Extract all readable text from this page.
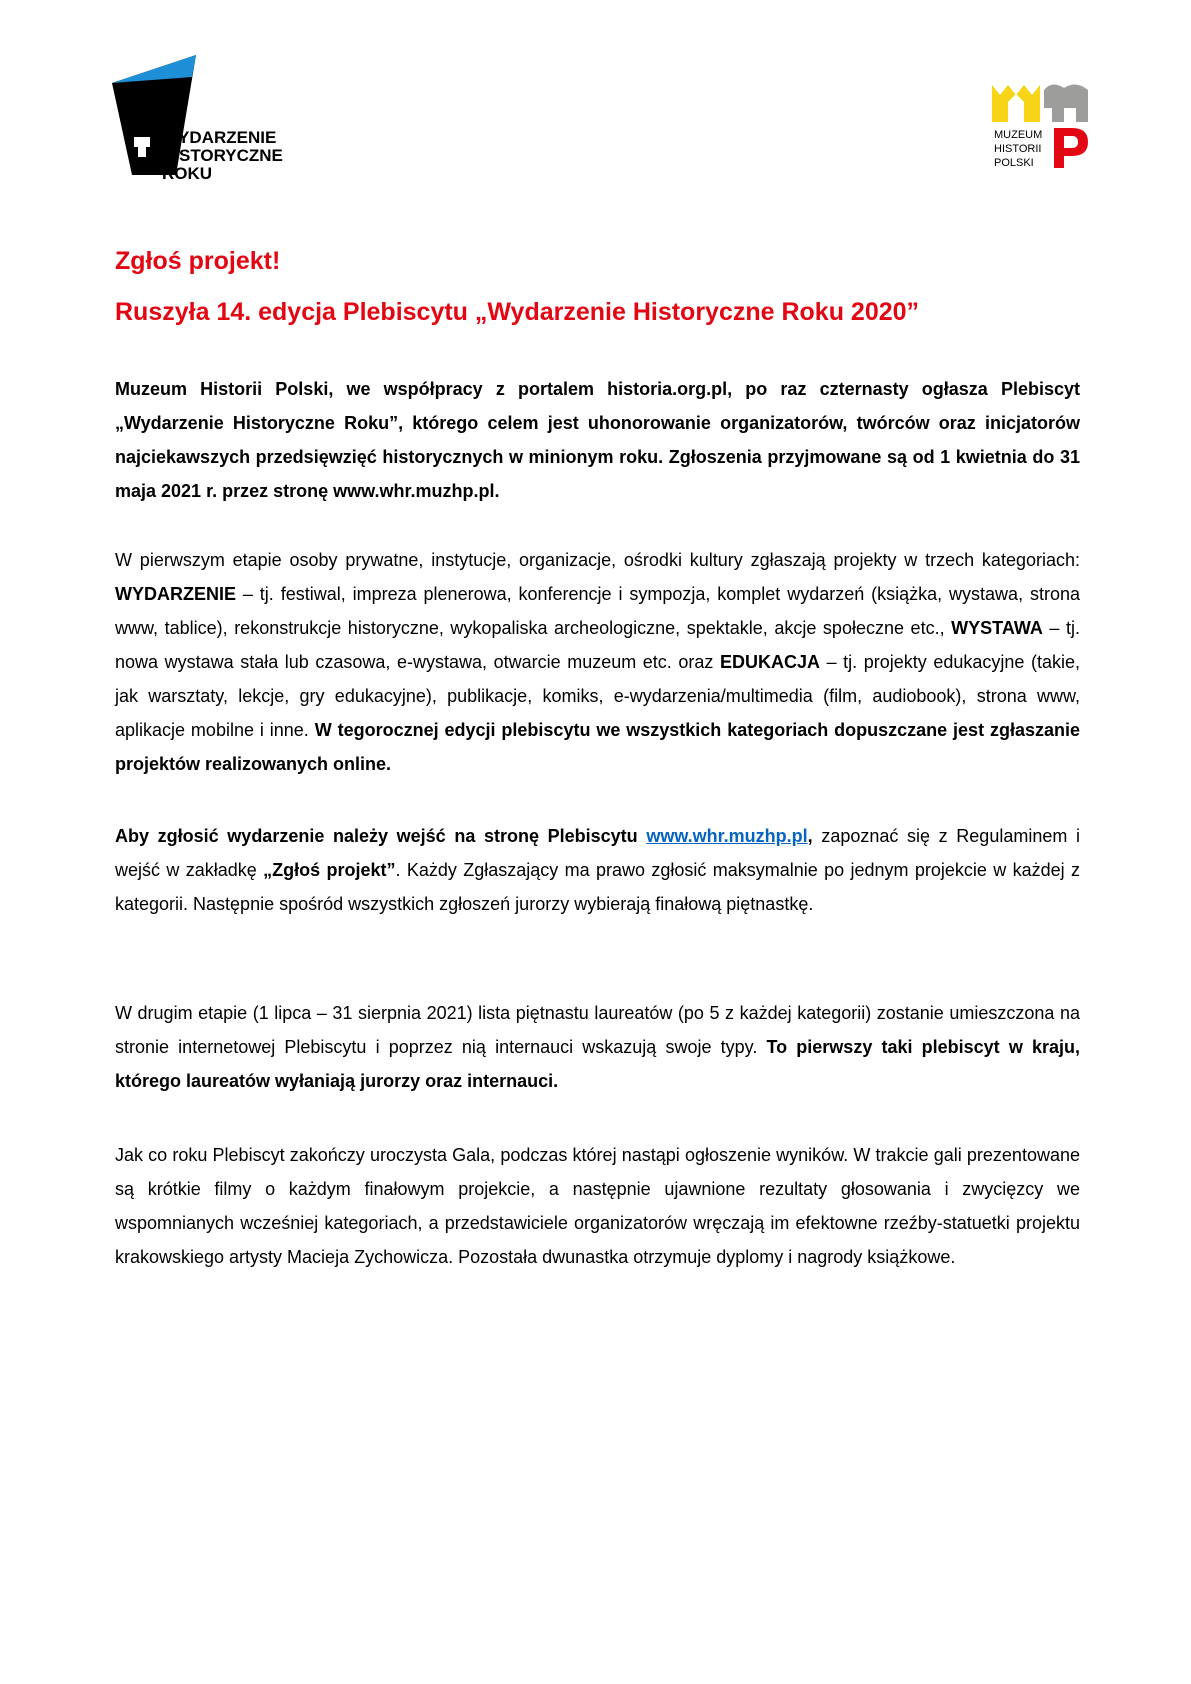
WYDARZENIE
HISTORYCZNE
ROKU
MUZEUM
HISTORII
POLSKI
Zgłoś projekt!
Ruszyła 14. edycja Plebiscytu „Wydarzenie Historyczne Roku 2020”

Muzeum Historii Polski, we współpracy z portalem historia.org.pl, po raz czternasty ogłasza Plebiscyt „Wydarzenie Historyczne Roku”, którego celem jest uhonorowanie organizatorów, twórców oraz inicjatorów najciekawszych przedsięwzięć historycznych w minionym roku. Zgłoszenia przyjmowane są od 1 kwietnia do 31 maja 2021 r. przez stronę www.whr.muzhp.pl.

W pierwszym etapie osoby prywatne, instytucje, organizacje, ośrodki kultury zgłaszają projekty w trzech kategoriach: WYDARZENIE – tj. festiwal, impreza plenerowa, konferencje i sympozja, komplet wydarzeń (książka, wystawa, strona www, tablice), rekonstrukcje historyczne, wykopaliska archeologiczne, spektakle, akcje społeczne etc., WYSTAWA – tj. nowa wystawa stała lub czasowa, e-wystawa, otwarcie muzeum etc. oraz EDUKACJA – tj. projekty edukacyjne (takie, jak warsztaty, lekcje, gry edukacyjne), publikacje, komiks, e-wydarzenia/multimedia (film, audiobook), strona www, aplikacje mobilne i inne. W tegorocznej edycji plebiscytu we wszystkich kategoriach dopuszczane jest zgłaszanie projektów realizowanych online.

Aby zgłosić wydarzenie należy wejść na stronę Plebiscytu www.whr.muzhp.pl, zapoznać się z Regulaminem i wejść w zakładkę „Zgłoś projekt”. Każdy Zgłaszający ma prawo zgłosić maksymalnie po jednym projekcie w każdej z kategorii. Następnie spośród wszystkich zgłoszeń jurorzy wybierają finałową piętnastkę.

W drugim etapie (1 lipca – 31 sierpnia 2021) lista piętnastu laureatów (po 5 z każdej kategorii) zostanie umieszczona na stronie internetowej Plebiscytu i poprzez nią internauci wskazują swoje typy. To pierwszy taki plebiscyt w kraju, którego laureatów wyłaniają jurorzy oraz internauci.

Jak co roku Plebiscyt zakończy uroczysta Gala, podczas której nastąpi ogłoszenie wyników. W trakcie gali prezentowane są krótkie filmy o każdym finałowym projekcie, a następnie ujawnione rezultaty głosowania i zwycięzcy we wspomnianych wcześniej kategoriach, a przedstawiciele organizatorów wręczają im efektowne rzeźby-statuetki projektu krakowskiego artysty Macieja Zychowicza. Pozostała dwunastka otrzymuje dyplomy i nagrody książkowe.
